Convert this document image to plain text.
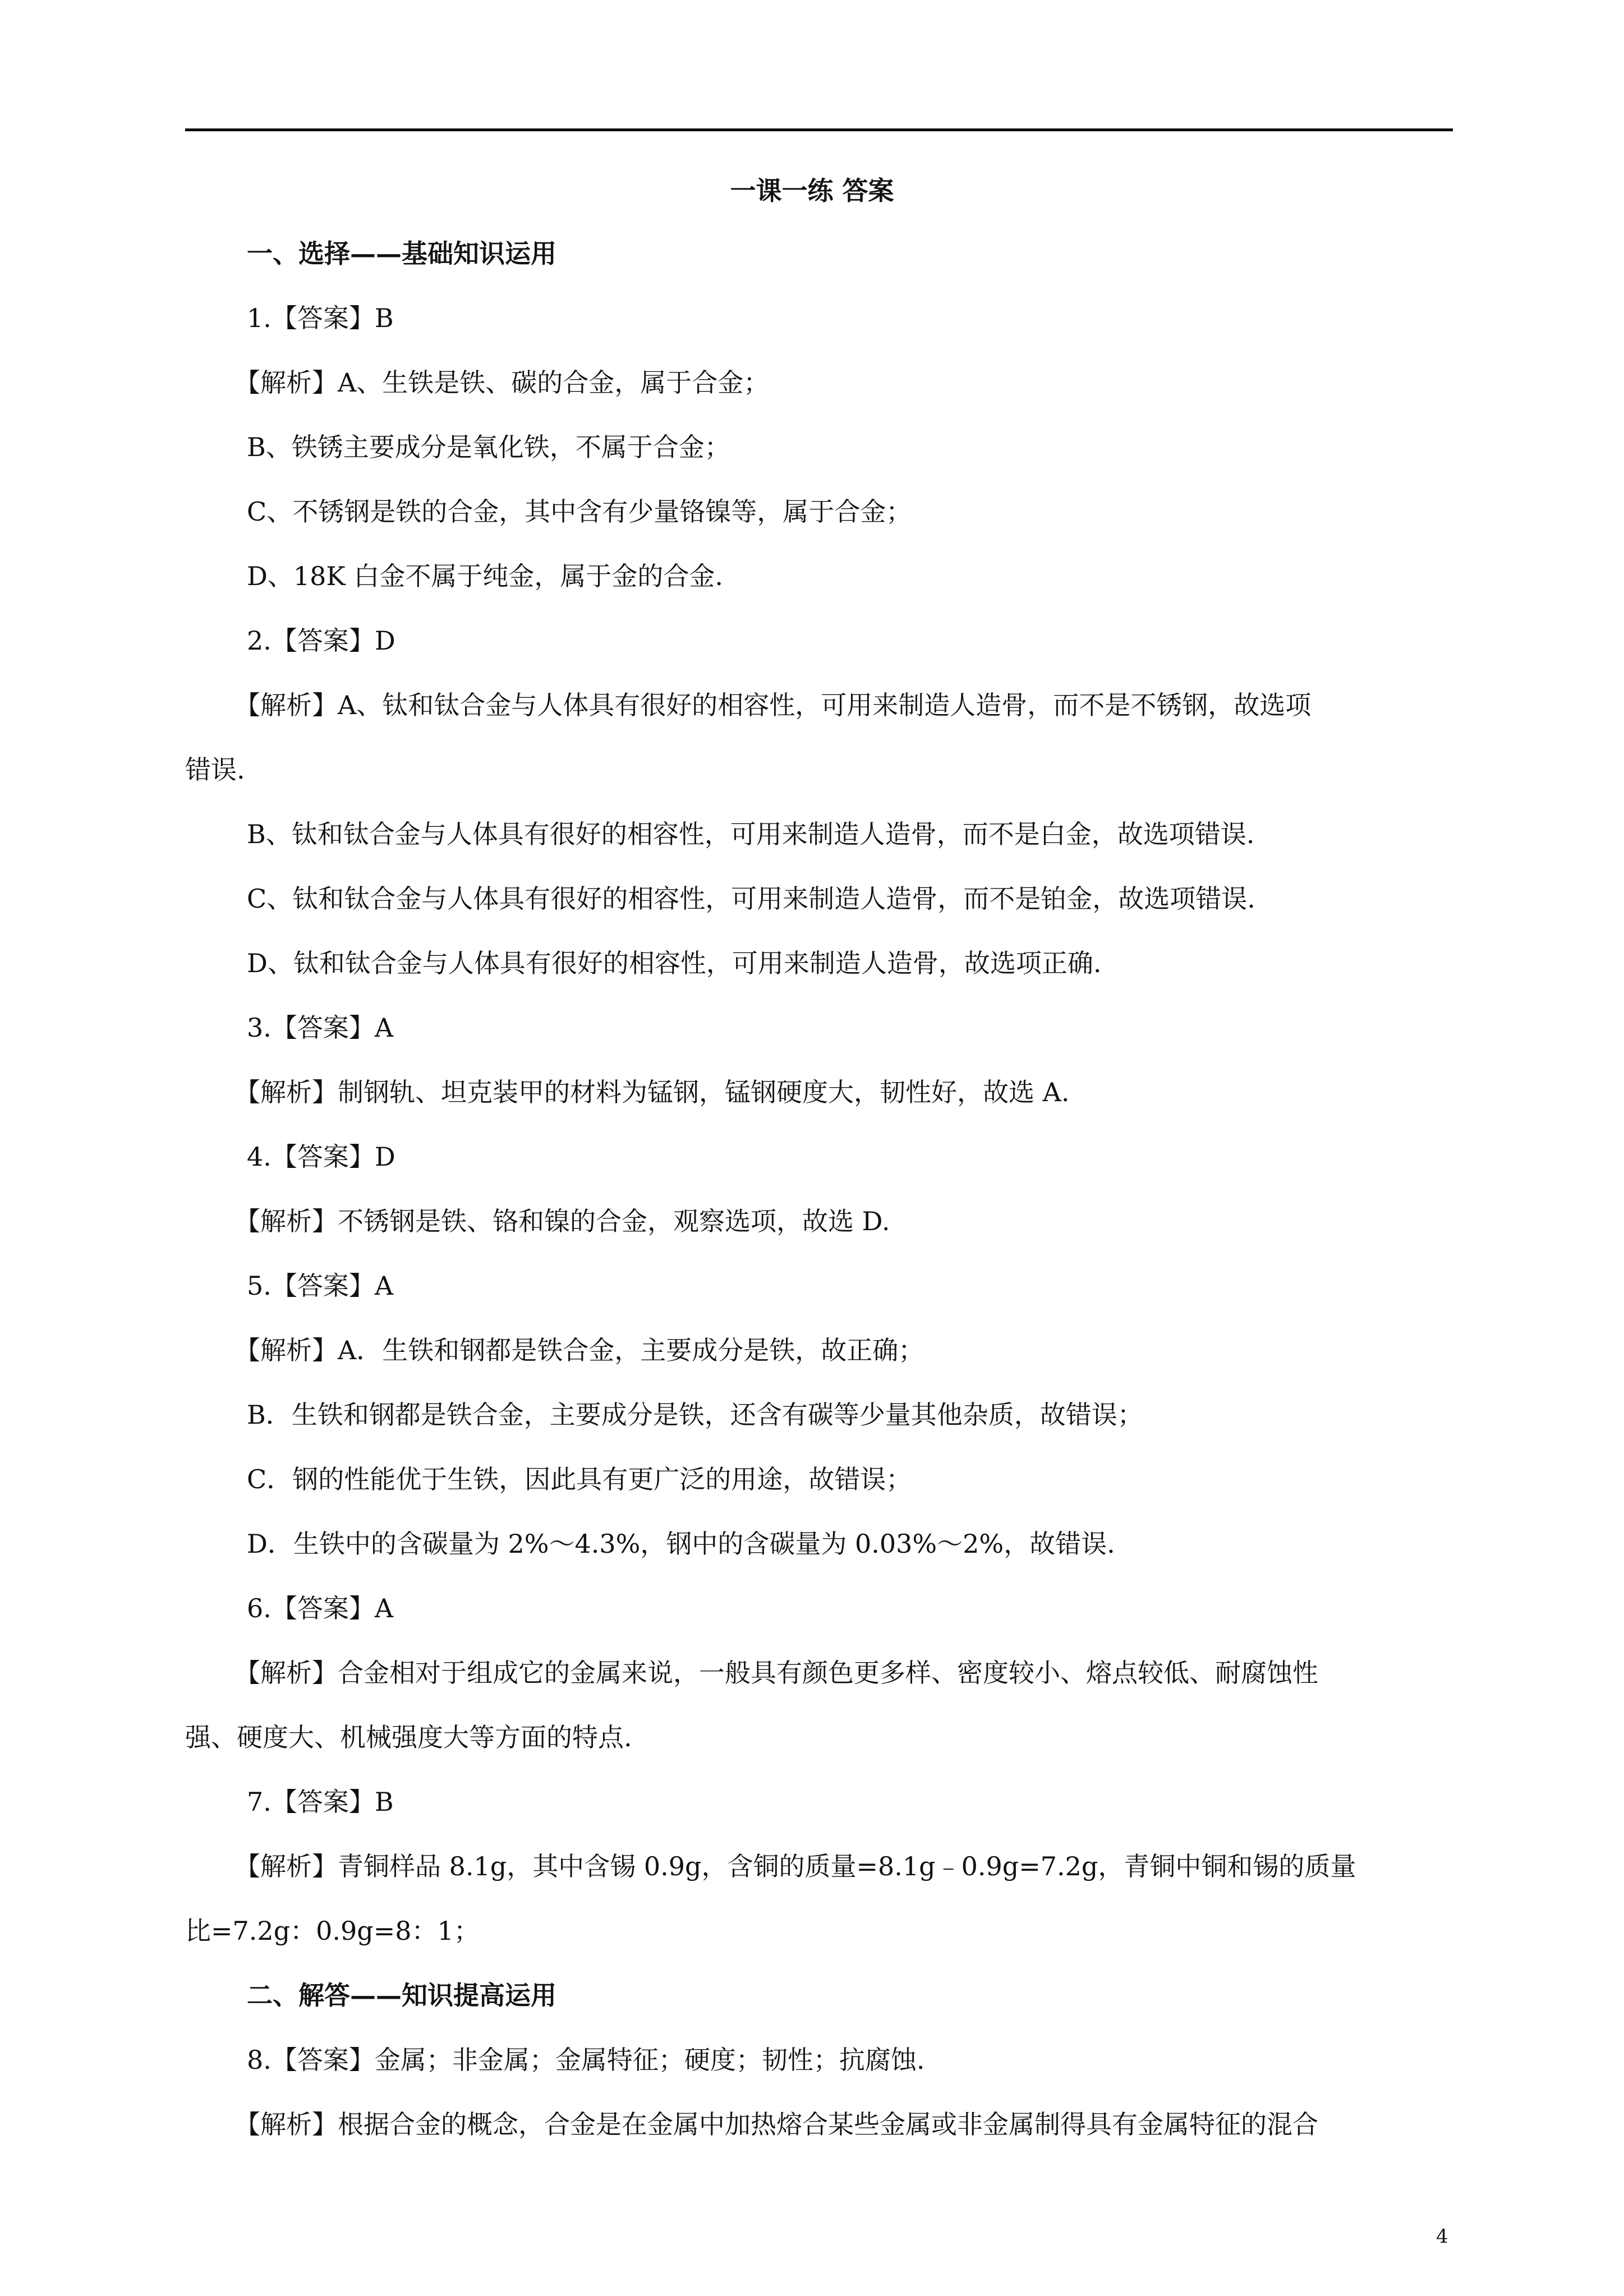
一课一练 答案
一、选择——基础知识运用
1.【答案】B
【解析】A、生铁是铁、碳的合金，属于合金；
B、铁锈主要成分是氧化铁，不属于合金；
C、不锈钢是铁的合金，其中含有少量铬镍等，属于合金；
D、18K 白金不属于纯金，属于金的合金.
2.【答案】D
【解析】A、钛和钛合金与人体具有很好的相容性，可用来制造人造骨，而不是不锈钢，故选项
错误.
B、钛和钛合金与人体具有很好的相容性，可用来制造人造骨，而不是白金，故选项错误.
C、钛和钛合金与人体具有很好的相容性，可用来制造人造骨，而不是铂金，故选项错误.
D、钛和钛合金与人体具有很好的相容性，可用来制造人造骨，故选项正确.
3.【答案】A
【解析】制钢轨、坦克装甲的材料为锰钢，锰钢硬度大，韧性好，故选 A.
4.【答案】D
【解析】不锈钢是铁、铬和镍的合金，观察选项，故选 D.
5.【答案】A
【解析】A．生铁和钢都是铁合金，主要成分是铁，故正确；
B．生铁和钢都是铁合金，主要成分是铁，还含有碳等少量其他杂质，故错误；
C．钢的性能优于生铁，因此具有更广泛的用途，故错误；
D．生铁中的含碳量为 2%～4.3%，钢中的含碳量为 0.03%～2%，故错误.
6.【答案】A
【解析】合金相对于组成它的金属来说，一般具有颜色更多样、密度较小、熔点较低、耐腐蚀性
强、硬度大、机械强度大等方面的特点.
7.【答案】B
【解析】青铜样品 8.1g，其中含锡 0.9g，含铜的质量=8.1g﹣0.9g=7.2g，青铜中铜和锡的质量
比=7.2g：0.9g=8：1；
二、解答——知识提高运用
8.【答案】金属；非金属；金属特征；硬度；韧性；抗腐蚀.
【解析】根据合金的概念，合金是在金属中加热熔合某些金属或非金属制得具有金属特征的混合
4
